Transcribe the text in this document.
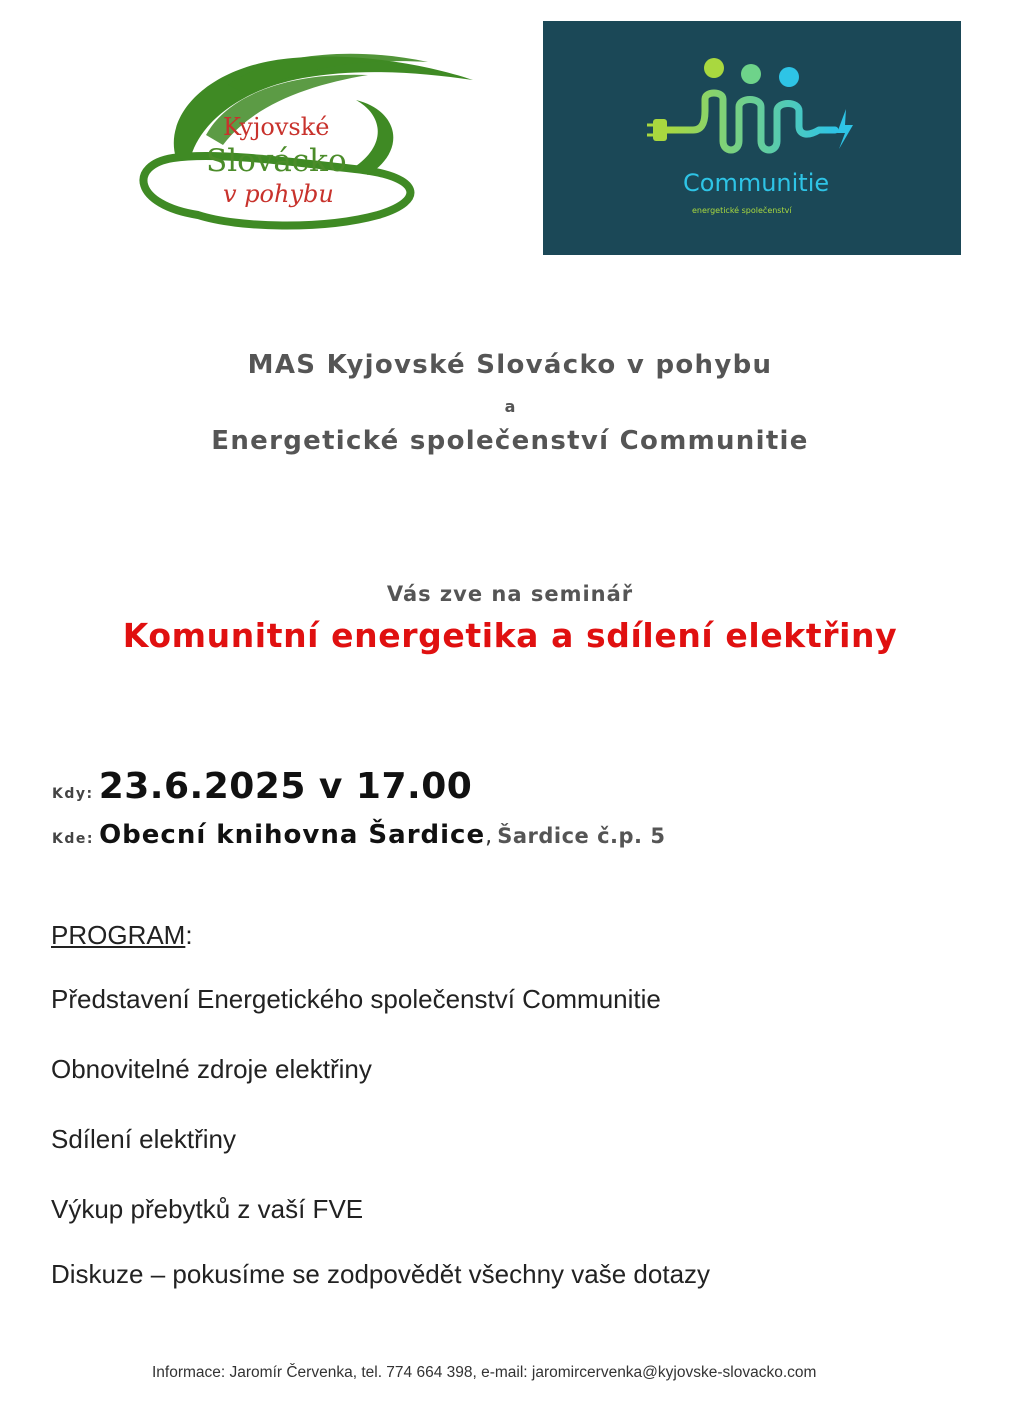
Kyjovské
Slovácko
v pohybu	Communitie
energetické společenství
MAS Kyjovské Slovácko v pohybu
a
Energetické společenství Communitie
Vás zve na seminář
Komunitní energetika a sdílení elektřiny
Kdy: 23.6.2025 v 17.00
Kde: Obecní knihovna Šardice, Šardice č.p. 5
PROGRAM:
Představení Energetického společenství Communitie
Obnovitelné zdroje elektřiny
Sdílení elektřiny
Výkup přebytků z vaší FVE
Diskuze – pokusíme se zodpovědět všechny vaše dotazy
Informace: Jaromír Červenka, tel. 774 664 398, e-mail: jaromircervenka@kyjovske-slovacko.com
